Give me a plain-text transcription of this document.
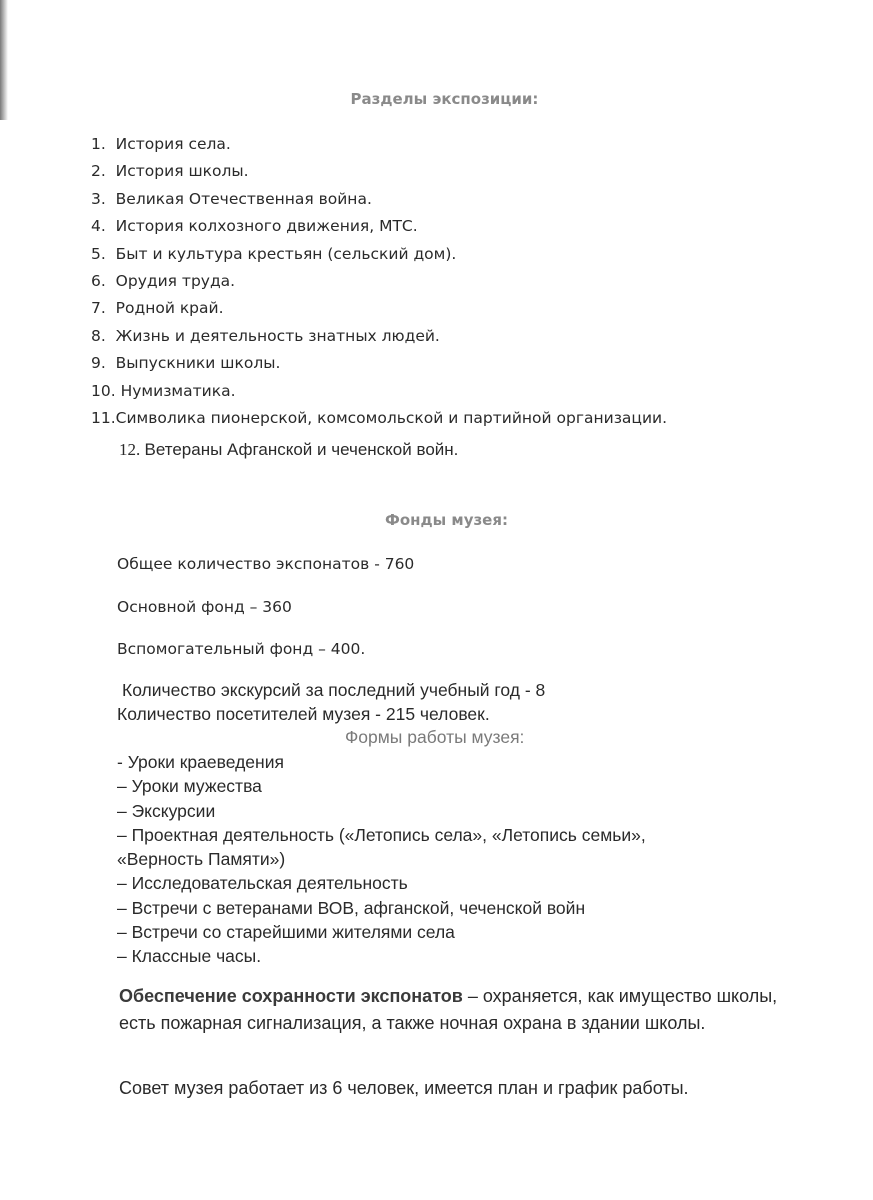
Разделы экспозиции:
1. История села.
2. История школы.
3. Великая Отечественная война.
4. История колхозного движения, МТС.
5. Быт и культура крестьян (сельский дом).
6. Орудия труда.
7. Родной край.
8. Жизнь и деятельность знатных людей.
9. Выпускники школы.
10. Нумизматика.
11.Символика пионерской, комсомольской и партийной организации.
12. Ветераны Афганской и чеченской войн.
Фонды музея:
Общее количество экспонатов - 760
Основной фонд – 360
Вспомогательный фонд – 400.
Количество экскурсий за последний учебный год - 8
Количество посетителей музея - 215 человек.
Формы работы музея:
- Уроки краеведения
– Уроки мужества
– Экскурсии
– Проектная деятельность («Летопись села», «Летопись семьи»,
«Верность Памяти»)
– Исследовательская деятельность
– Встречи с ветеранами ВОВ, афганской, чеченской войн
– Встречи со старейшими жителями села
– Классные часы.
Обеспечение сохранности экспонатов – охраняется, как имущество школы, есть пожарная сигнализация, а также ночная охрана в здании школы.
Совет музея работает из 6 человек, имеется план и график работы.
